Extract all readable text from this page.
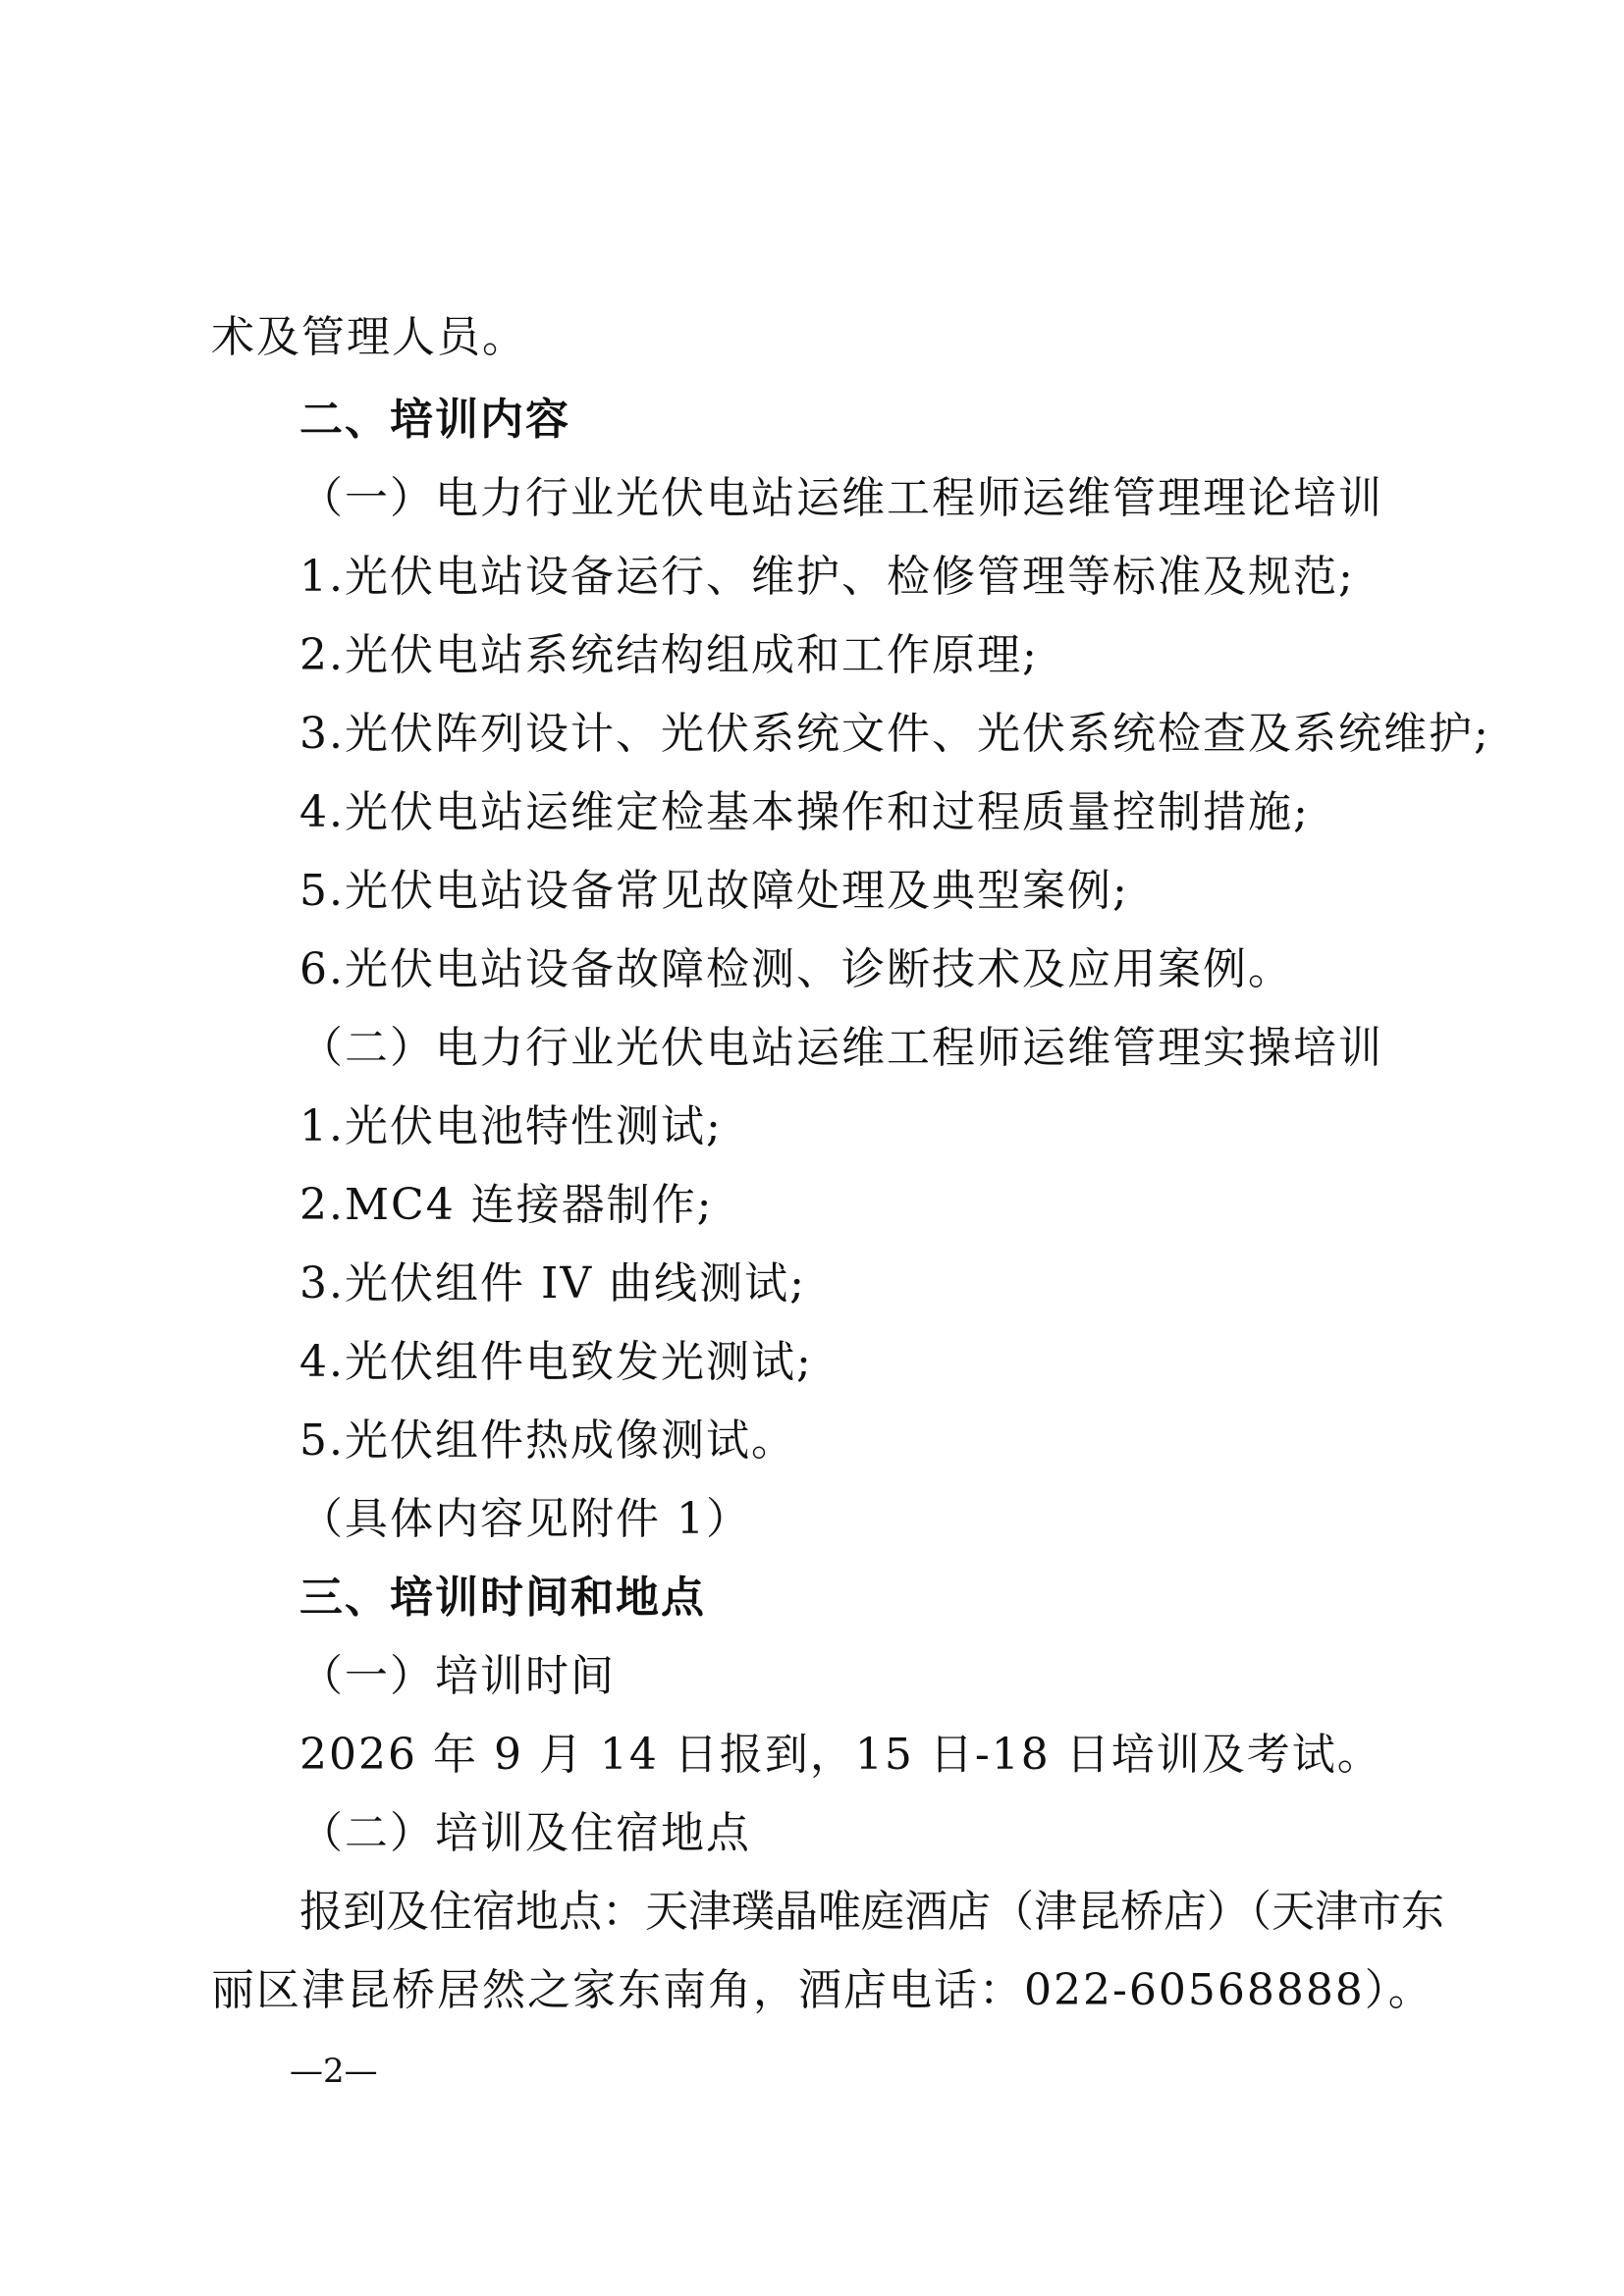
术及管理人员。
二、培训内容
（一）电力行业光伏电站运维工程师运维管理理论培训
1.光伏电站设备运行、维护、检修管理等标准及规范;
2.光伏电站系统结构组成和工作原理;
3.光伏阵列设计、光伏系统文件、光伏系统检查及系统维护;
4.光伏电站运维定检基本操作和过程质量控制措施;
5.光伏电站设备常见故障处理及典型案例;
6.光伏电站设备故障检测、诊断技术及应用案例。
（二）电力行业光伏电站运维工程师运维管理实操培训
1.光伏电池特性测试;
2.MC4 连接器制作;
3.光伏组件 IV 曲线测试;
4.光伏组件电致发光测试;
5.光伏组件热成像测试。
（具体内容见附件 1）
三、培训时间和地点
（一）培训时间
2026 年 9 月 14 日报到，15 日-18 日培训及考试。
（二）培训及住宿地点
报到及住宿地点：天津璞晶唯庭酒店（津昆桥店）（天津市东
丽区津昆桥居然之家东南角，酒店电话：022-60568888）。
—2—
